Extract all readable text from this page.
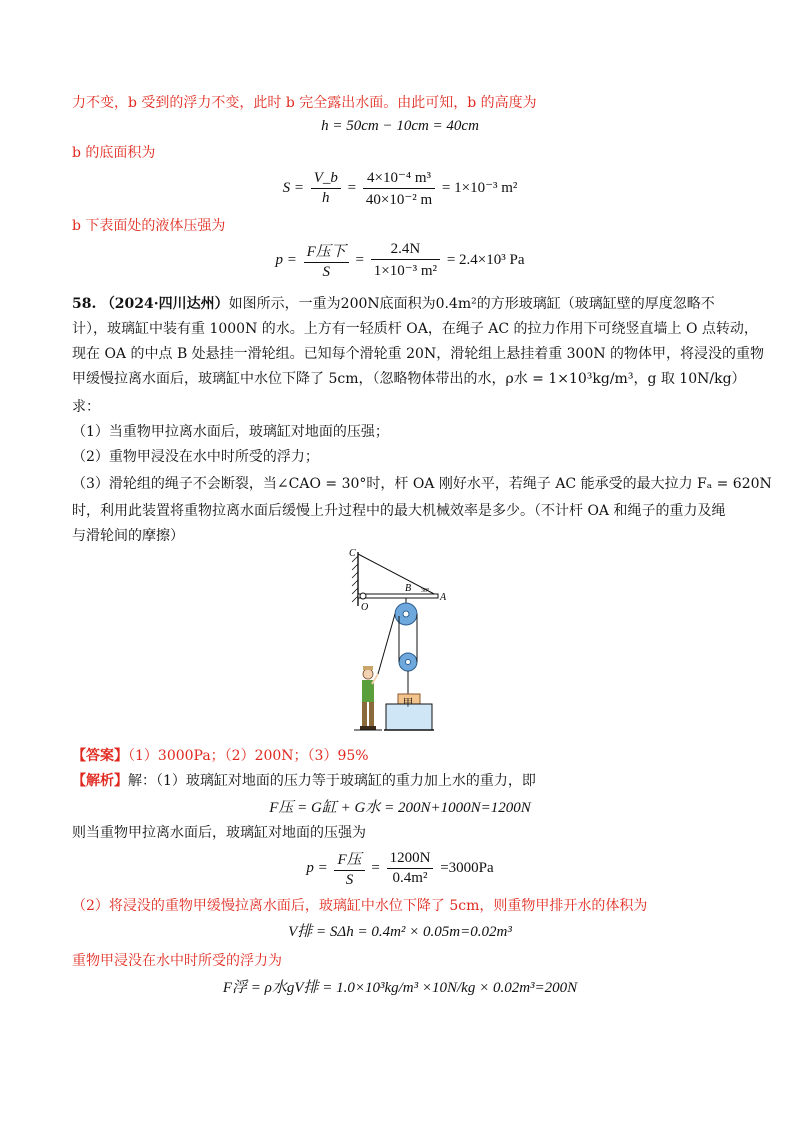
力不变，b 受到的浮力不变，此时 b 完全露出水面。由此可知，b 的高度为
h = 50cm − 10cm = 40cm
b 的底面积为
$S = \frac{V\_b}{h} = \frac{\text{4×10⁻⁴ m³}}{\text{40×10⁻² m}} = 1\times 10^{-3}$ m²
b 下表面处的液体压强为
$p = \frac{\text{F压下}}{S} = \frac{2.4N}{\text{1×10⁻³ m²}} = 2.4\times 10^3$ Pa
58. （2024·四川达州）如图所示，一重为200N底面积为0.4m²的方形玻璃缸（玻璃缸壁的厚度忽略不
计），玻璃缸中装有重 1000N 的水。上方有一轻质杆 OA，在绳子 AC 的拉力作用下可绕竖直墙上 O 点转动，
现在 OA 的中点 B 处悬挂一滑轮组。已知每个滑轮重 20N，滑轮组上悬挂着重 300N 的物体甲，将浸没的重物
甲缓慢拉离水面后，玻璃缸中水位下降了 5cm，（忽略物体带出的水，ρ水 = 1×10³kg/m³，g 取 10N/kg）
求：
（1）当重物甲拉离水面后，玻璃缸对地面的压强；
（2）重物甲浸没在水中时所受的浮力；
（3）滑轮组的绳子不会断裂，当∠CAO = 30°时，杆 OA 刚好水平，若绳子 AC 能承受的最大拉力 Fₐ = 620N
时，利用此装置将重物拉离水面后缓慢上升过程中的最大机械效率是多少。（不计杆 OA 和绳子的重力及绳
与滑轮间的摩擦）
C
O
B
A
30°
甲
【答案】（1）3000Pa；（2）200N；（3）95%
【解析】解：（1）玻璃缸对地面的压力等于玻璃缸的重力加上水的重力，即
F压 = G缸 + G水 = 200N+1000N=1200N
则当重物甲拉离水面后，玻璃缸对地面的压强为
$p = \frac{\text{F压}}{S} = \frac{1200N}{\text{0.4m²}} =3000Pa$
（2）将浸没的重物甲缓慢拉离水面后，玻璃缸中水位下降了 5cm，则重物甲排开水的体积为
V排 = SΔh = 0.4m² × 0.05m=0.02m³
重物甲浸没在水中时所受的浮力为
F浮 = ρ水gV排 = 1.0×10³kg/m³ ×10N/kg × 0.02m³=200N
